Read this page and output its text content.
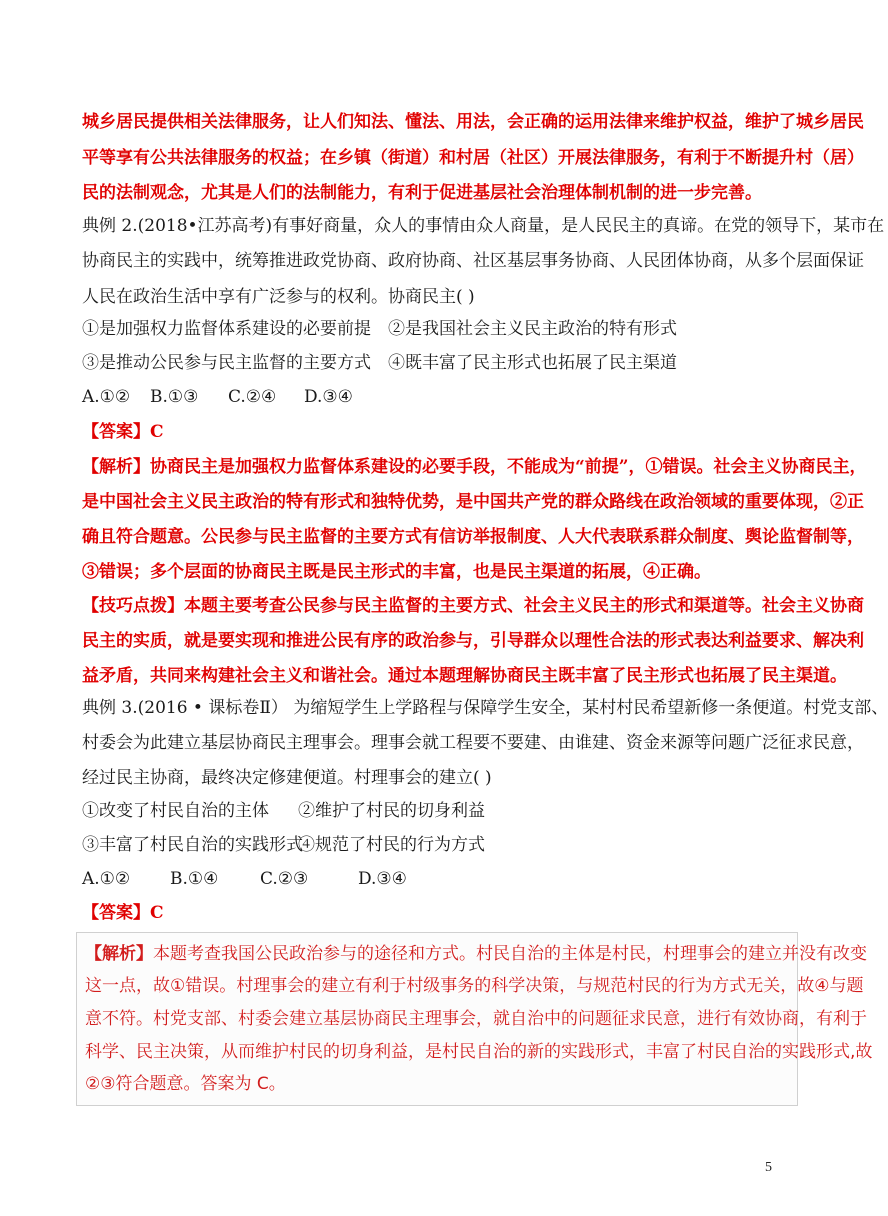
城乡居民提供相关法律服务，让人们知法、懂法、用法，会正确的运用法律来维护权益，维护了城乡居民
平等享有公共法律服务的权益；在乡镇（街道）和村居（社区）开展法律服务，有利于不断提升村（居）
民的法制观念，尤其是人们的法制能力，有利于促进基层社会治理体制机制的进一步完善。
典例 2.(2018•江苏高考)有事好商量，众人的事情由众人商量，是人民民主的真谛。在党的领导下，某市在
协商民主的实践中，统筹推进政党协商、政府协商、社区基层事务协商、人民团体协商，从多个层面保证
人民在政治生活中享有广泛参与的权利。协商民主( )
①是加强权力监督体系建设的必要前提 ②是我国社会主义民主政治的特有形式
③是推动公民参与民主监督的主要方式 ④既丰富了民主形式也拓展了民主渠道
A.①② B.①③ C.②④ D.③④
【答案】C
【解析】协商民主是加强权力监督体系建设的必要手段，不能成为“前提”，①错误。社会主义协商民主，
是中国社会主义民主政治的特有形式和独特优势，是中国共产党的群众路线在政治领域的重要体现，②正
确且符合题意。公民参与民主监督的主要方式有信访举报制度、人大代表联系群众制度、舆论监督制等，
③错误；多个层面的协商民主既是民主形式的丰富，也是民主渠道的拓展，④正确。
【技巧点拨】本题主要考查公民参与民主监督的主要方式、社会主义民主的形式和渠道等。社会主义协商
民主的实质，就是要实现和推进公民有序的政治参与，引导群众以理性合法的形式表达利益要求、解决利
益矛盾，共同来构建社会主义和谐社会。通过本题理解协商民主既丰富了民主形式也拓展了民主渠道。
典例 3.(2016 • 课标卷Ⅱ） 为缩短学生上学路程与保障学生安全，某村村民希望新修一条便道。村党支部、
村委会为此建立基层协商民主理事会。理事会就工程要不要建、由谁建、资金来源等问题广泛征求民意，
经过民主协商，最终决定修建便道。村理事会的建立( )
①改变了村民自治的主体 ②维护了村民的切身利益
③丰富了村民自治的实践形式
④规范了村民的行为方式
A.①② B.①④ C.②③	D.③④
【答案】C
【解析】本题考查我国公民政治参与的途径和方式。村民自治的主体是村民，村理事会的建立并没有改变
这一点，故①错误。村理事会的建立有利于村级事务的科学决策，与规范村民的行为方式无关，故④与题
意不符。村党支部、村委会建立基层协商民主理事会，就自治中的问题征求民意，进行有效协商，有利于
科学、民主决策，从而维护村民的切身利益，是村民自治的新的实践形式，丰富了村民自治的实践形式,故
②③符合题意。答案为 C。
5
